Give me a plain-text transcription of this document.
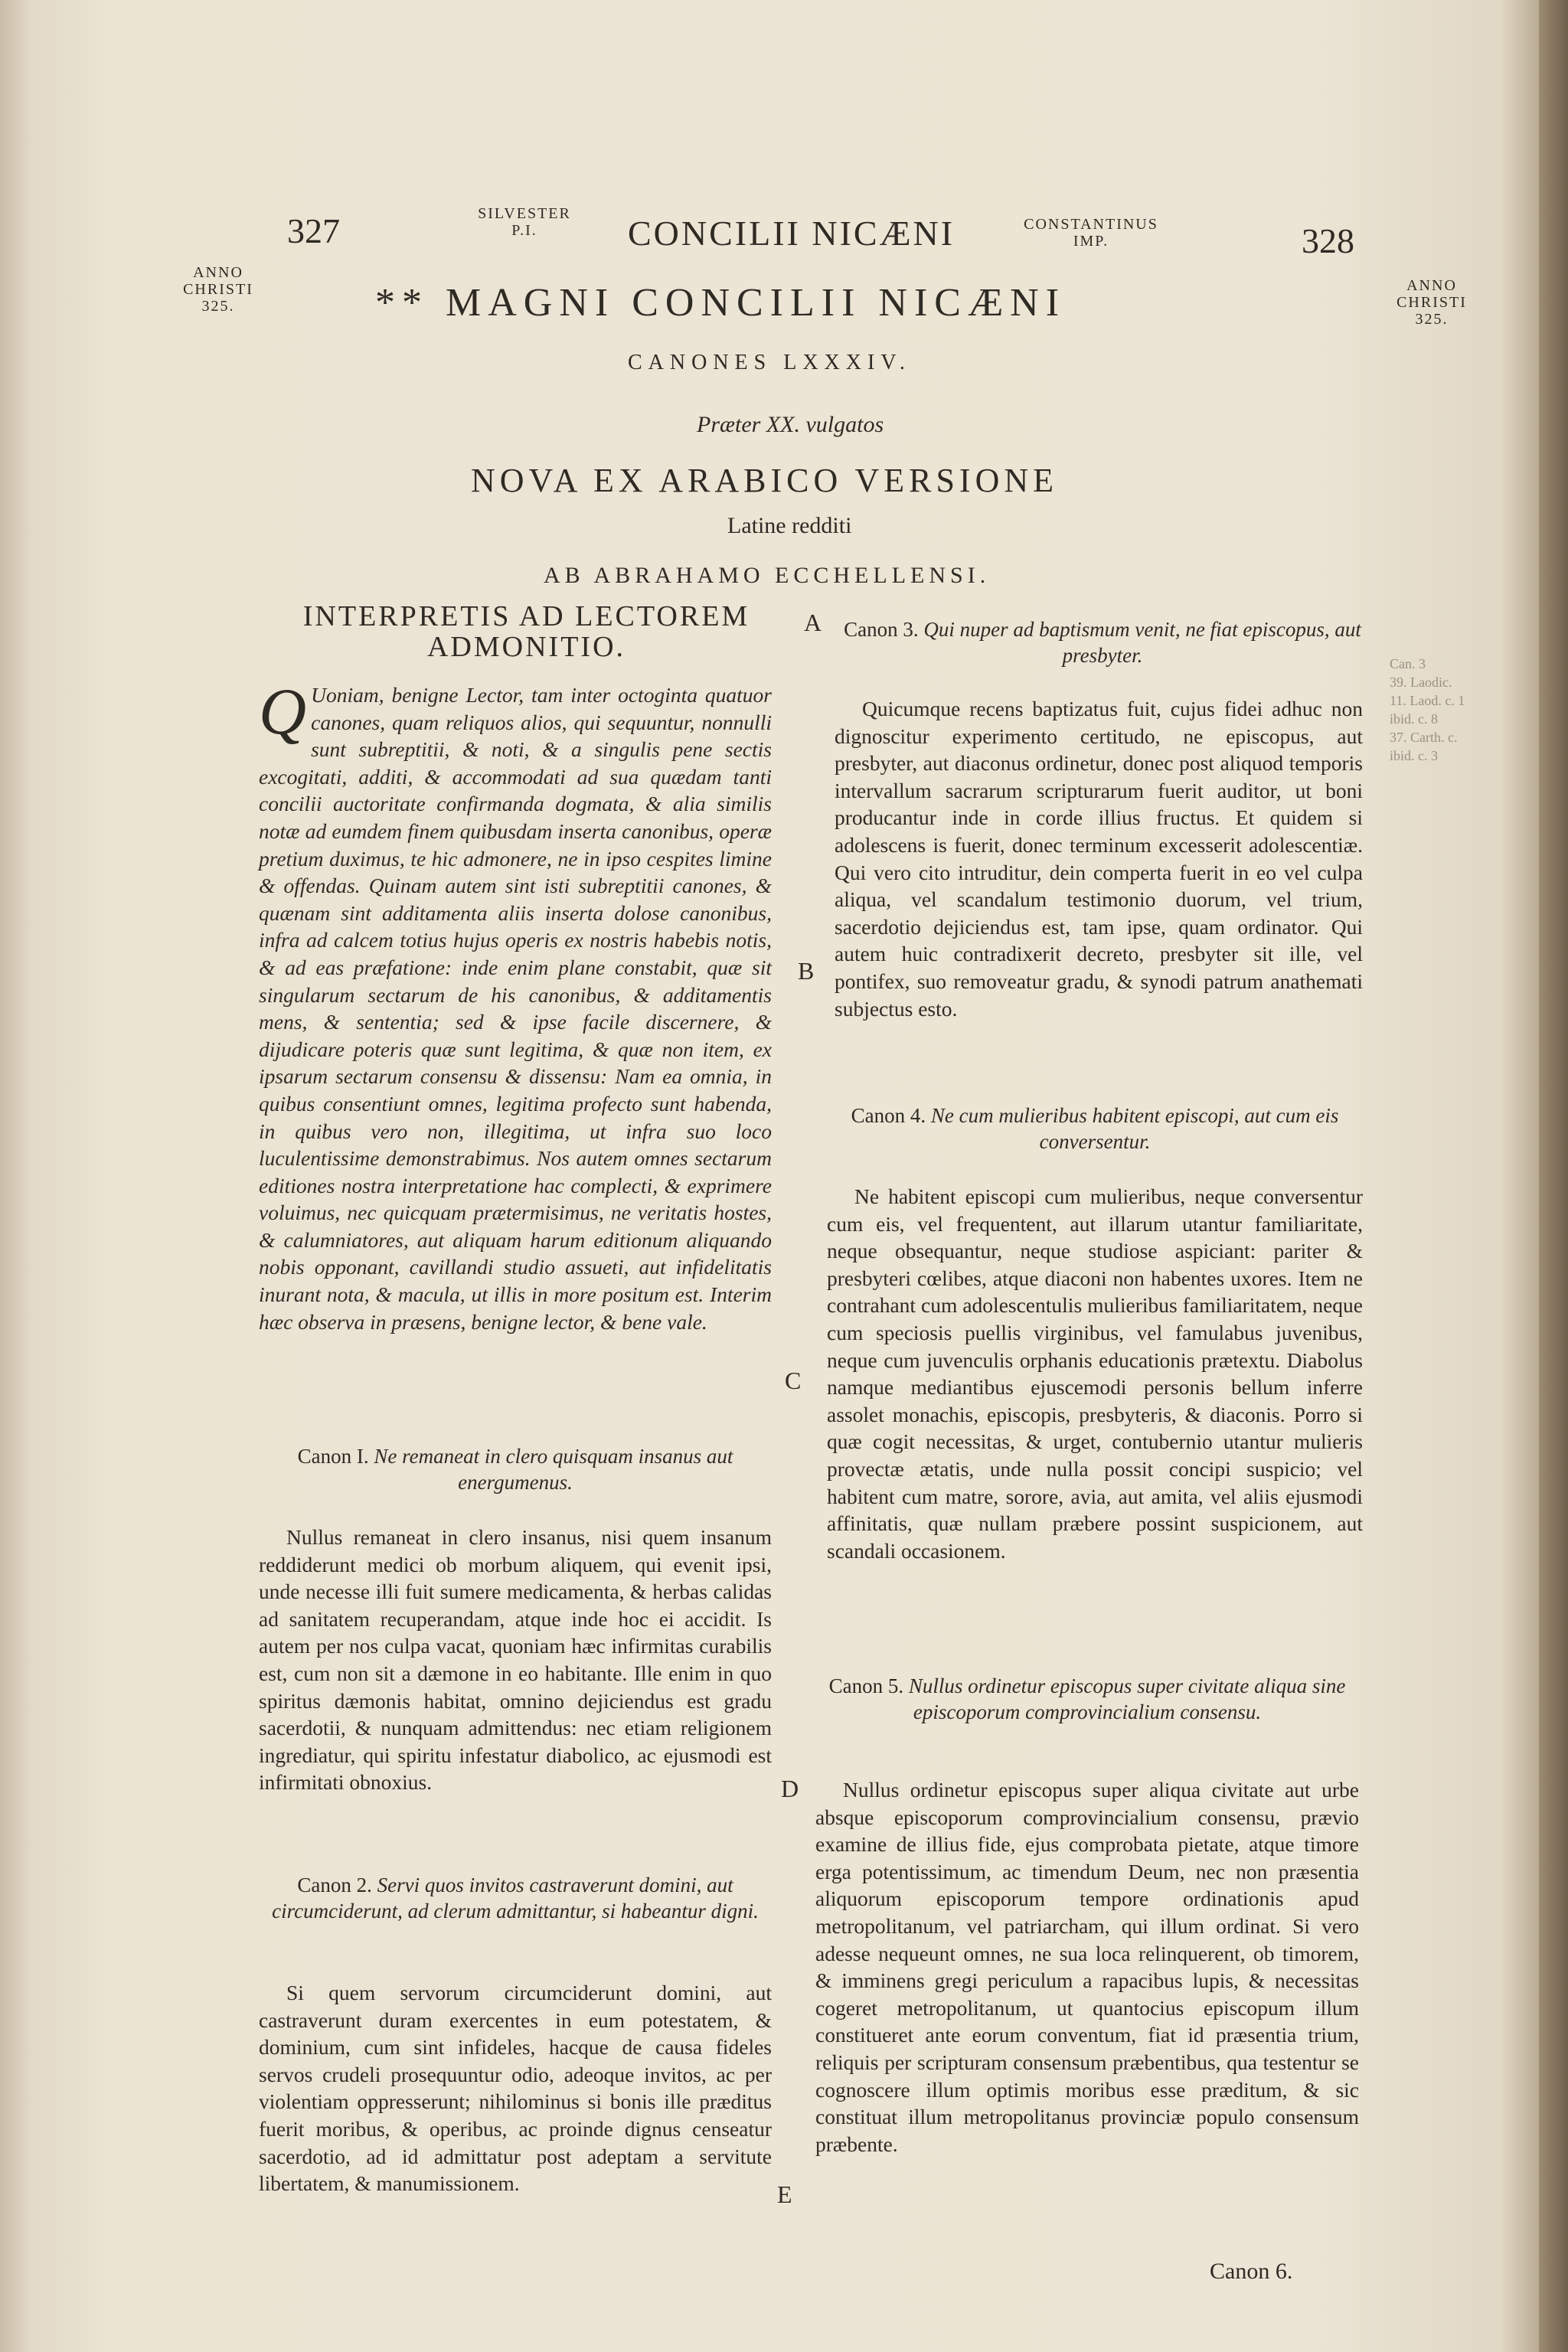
327	SILVESTER
P.I.	CONCILII NICÆNI	CONSTANTINUS
IMP.	328
ANNO
CHRISTI
325.
ANNO
CHRISTI
325.
** MAGNI CONCILII NICÆNI
CANONES LXXXIV.
Præter XX. vulgatos
NOVA EX ARABICO VERSIONE
Latine redditi
AB ABRAHAMO ECCHELLENSI.
INTERPRETIS AD LECTOREM ADMONITIO.
Q Uoniam, benigne Lector, tam inter octoginta quatuor canones, quam reliquos alios, qui sequuntur, nonnulli sunt subreptitii, & noti, & a singulis pene sectis excogitati, additi, & accommodati ad sua quædam tanti concilii auctoritate confirmanda dogmata, & alia similis notæ ad eumdem finem quibusdam inserta canonibus, operæ pretium duximus, te hic admonere, ne in ipso cespites limine & offendas. Quinam autem sint isti subreptitii canones, & quænam sint additamenta aliis inserta dolose canonibus, infra ad calcem totius hujus operis ex nostris habebis notis, & ad eas præfatione: inde enim plane constabit, quæ sit singularum sectarum de his canonibus, & additamentis mens, & sententia; sed & ipse facile discernere, & dijudicare poteris quæ sunt legitima, & quæ non item, ex ipsarum sectarum consensu & dissensu: Nam ea omnia, in quibus consentiunt omnes, legitima profecto sunt habenda, in quibus vero non, illegitima, ut infra suo loco luculentissime demonstrabimus. Nos autem omnes sectarum editiones nostra interpretatione hac complecti, & exprimere voluimus, nec quicquam prætermisimus, ne veritatis hostes, & calumniatores, aut aliquam harum editionum aliquando nobis opponant, cavillandi studio assueti, aut infidelitatis inurant nota, & macula, ut illis in more positum est. Interim hæc observa in præsens, benigne lector, & bene vale.
Canon I. Ne remaneat in clero quisquam insanus aut energumenus.
Nullus remaneat in clero insanus, nisi quem insanum reddiderunt medici ob morbum aliquem, qui evenit ipsi, unde necesse illi fuit sumere medicamenta, & herbas calidas ad sanitatem recuperandam, atque inde hoc ei accidit. Is autem per nos culpa vacat, quoniam hæc infirmitas curabilis est, cum non sit a dæmone in eo habitante. Ille enim in quo spiritus dæmonis habitat, omnino dejiciendus est gradu sacerdotii, & nunquam admittendus: nec etiam religionem ingrediatur, qui spiritu infestatur diabolico, ac ejusmodi est infirmitati obnoxius.
Canon 2. Servi quos invitos castraverunt domini, aut circumciderunt, ad clerum admittantur, si habeantur digni.
Si quem servorum circumciderunt domini, aut castraverunt duram exercentes in eum potestatem, & dominium, cum sint infideles, hacque de causa fideles servos crudeli prosequuntur odio, adeoque invitos, ac per violentiam oppresserunt; nihilominus si bonis ille præditus fuerit moribus, & operibus, ac proinde dignus censeatur sacerdotio, ad id admittatur post adeptam a servitute libertatem, & manumissionem.
A
B
C
D
E
Canon 3. Qui nuper ad baptismum venit, ne fiat episcopus, aut presbyter.
Quicumque recens baptizatus fuit, cujus fidei adhuc non dignoscitur experimento certitudo, ne episcopus, aut presbyter, aut diaconus ordinetur, donec post aliquod temporis intervallum sacrarum scripturarum fuerit auditor, ut boni producantur inde in corde illius fructus. Et quidem si adolescens is fuerit, donec terminum excesserit adolescentiæ. Qui vero cito intruditur, dein comperta fuerit in eo vel culpa aliqua, vel scandalum testimonio duorum, vel trium, sacerdotio dejiciendus est, tam ipse, quam ordinator. Qui autem huic contradixerit decreto, presbyter sit ille, vel pontifex, suo removeatur gradu, & synodi patrum anathemati subjectus esto.
Canon 4. Ne cum mulieribus habitent episcopi, aut cum eis conversentur.
Ne habitent episcopi cum mulieribus, neque conversentur cum eis, vel frequentent, aut illarum utantur familiaritate, neque obsequantur, neque studiose aspiciant: pariter & presbyteri cœlibes, atque diaconi non habentes uxores. Item ne contrahant cum adolescentulis mulieribus familiaritatem, neque cum speciosis puellis virginibus, vel famulabus juvenibus, neque cum juvenculis orphanis educationis prætextu. Diabolus namque mediantibus ejuscemodi personis bellum inferre assolet monachis, episcopis, presbyteris, & diaconis. Porro si quæ cogit necessitas, & urget, contubernio utantur mulieris provectæ ætatis, unde nulla possit concipi suspicio; vel habitent cum matre, sorore, avia, aut amita, vel aliis ejusmodi affinitatis, quæ nullam præbere possint suspicionem, aut scandali occasionem.
Canon 5. Nullus ordinetur episcopus super civitate aliqua sine episcoporum comprovincialium consensu.
Nullus ordinetur episcopus super aliqua civitate aut urbe absque episcoporum comprovincialium consensu, prævio examine de illius fide, ejus comprobata pietate, atque timore erga potentissimum, ac timendum Deum, nec non præsentia aliquorum episcoporum tempore ordinationis apud metropolitanum, vel patriarcham, qui illum ordinat. Si vero adesse nequeunt omnes, ne sua loca relinquerent, ob timorem, & imminens gregi periculum a rapacibus lupis, & necessitas cogeret metropolitanum, ut quantocius episcopum illum constitueret ante eorum conventum, fiat id præsentia trium, reliquis per scripturam consensum præbentibus, qua testentur se cognoscere illum optimis moribus esse præditum, & sic constituat illum metropolitanus provinciæ populo consensum præbente.
Canon 6.
Can. 3
39. Laodic.
11. Laod. c. 1
ibid. c. 8
37. Carth. c.
ibid. c. 3
